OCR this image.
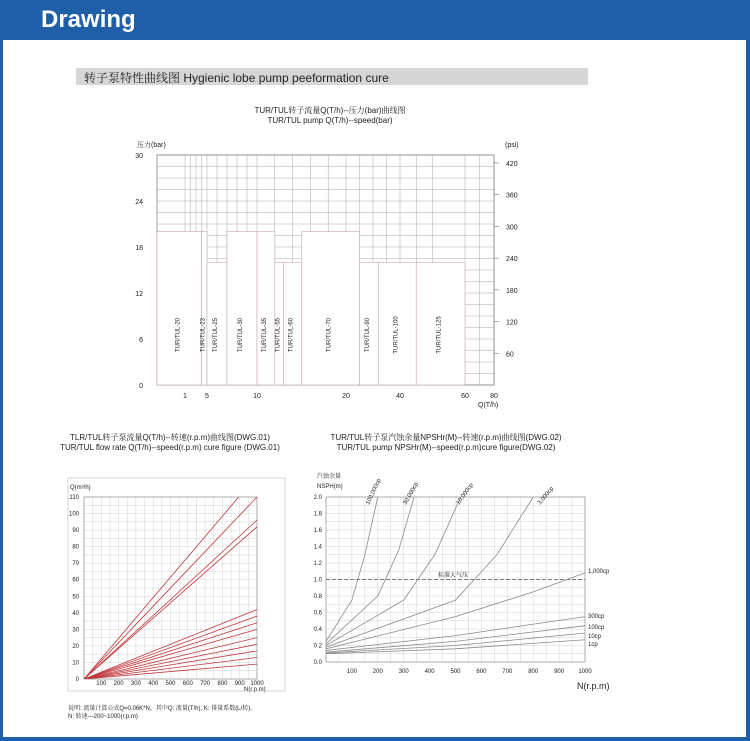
Drawing
转子泵特性曲线图 Hygienic lobe pump peeformation cure
TUR/TUL转子流量Q(T/h)--压力(bar)曲线图
TUR/TUL pump Q(T/h)--speed(bar)
压力(bar)	(psi)
Q(T/h)
TUR/TUL-20	TUR/TUL-23 TUR/TUL-25	TUR/TUL-30	TUR/TUL-35 TUR/TUL-55 TUR/TUL-60	TUR/TUL-70	TUR/TUL-90	TUR/TUL-100	TUR/TUL-125
0
6
12
18
24
30
60
120
180
240
300
360
420
1	5	10	20	40	60	80
TLR/TUL转子泵流量Q(T/h)--转速(r.p.m)曲线图(DWG.01)
TUR/TUL flow rate Q(T/h)--speed(r.p.m) cure figure (DWG.01)
Q(m³/h)
N(r.p.m)
说明: 流量计算公式Q=0.06K*N。其中Q: 流量(T/h), K: 排量系数(L/转),
N: 转速---200~1000(r.p.m)
0
10
20
30
40
50
60
70
80
90
100
110
100 200 300 400 500 600 700 800 900 1000
TUR/TUL转子泵汽蚀余量NPSHr(M)--转速(r.p.m)曲线图(DWG.02)
TUR/TUL pump NPSHr(M)--speed(r.p.m)cure figure(DWG.02)
汽蚀余量
NSPH(m)
N(r.p.m)
标准大气压
100,000cp	30,000cp	10,000cp	3,000cp
1,000cp
300cp
100cp
10cp
1cp
0.0
0.2
0.4
0.6
0.8
1.0
1.2
1.4
1.6
1.8
2.0
100	200	300	400	500	600	700	800	900 1000
